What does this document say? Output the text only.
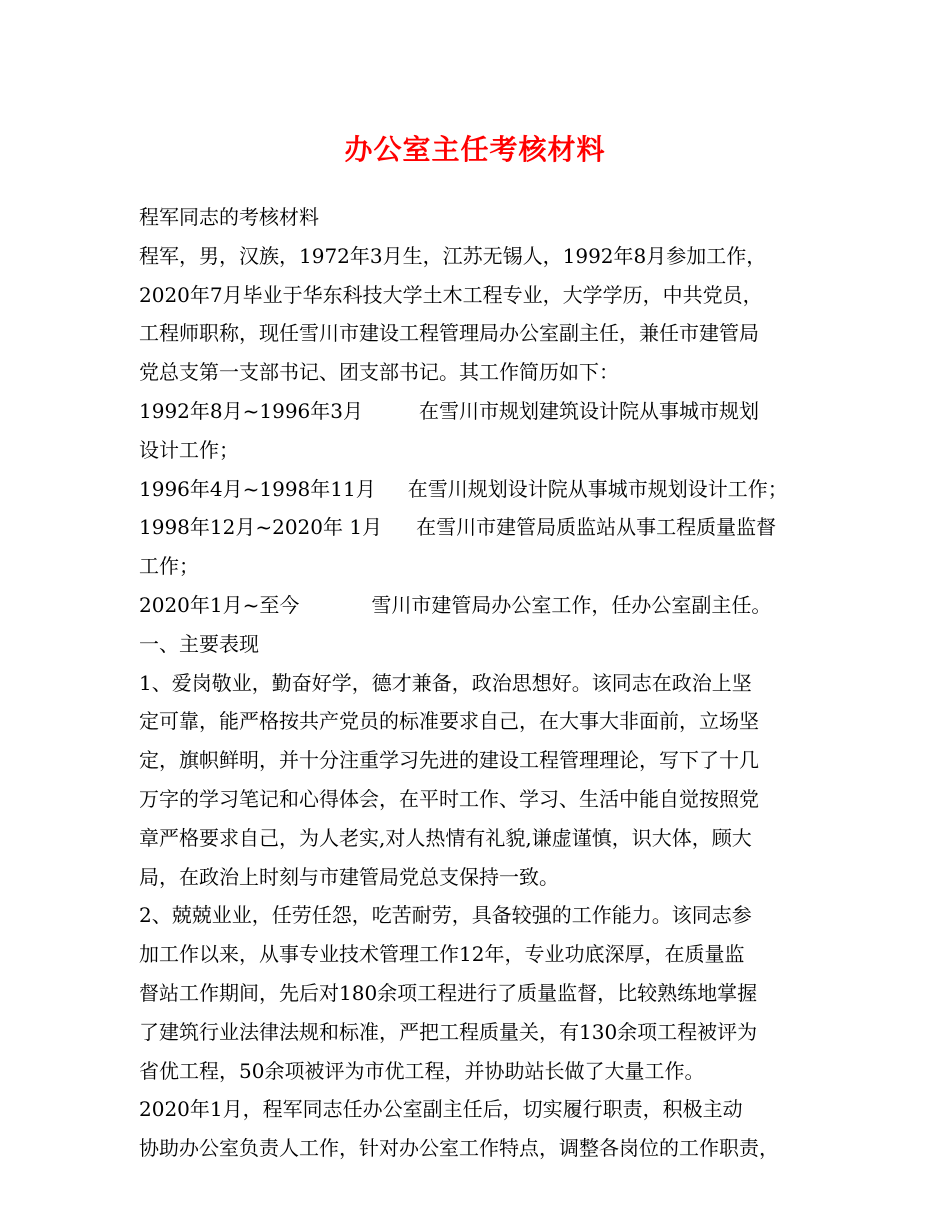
办公室主任考核材料
程军同志的考核材料
程军，男，汉族，1972年3月生，江苏无锡人，1992年8月参加工作，
2020年7月毕业于华东科技大学土木工程专业，大学学历，中共党员，
工程师职称，现任雪川市建设工程管理局办公室副主任，兼任市建管局
党总支第一支部书记、团支部书记。其工作简历如下：
1992年8月~1996年3月	在雪川市规划建筑设计院从事城市规划
设计工作；
1996年4月~1998年11月 在雪川规划设计院从事城市规划设计工作；
1998年12月~2020年 1月 在雪川市建管局质监站从事工程质量监督
工作；
2020年1月~至今	雪川市建管局办公室工作，任办公室副主任。
一、主要表现
1、爱岗敬业，勤奋好学，德才兼备，政治思想好。该同志在政治上坚
定可靠，能严格按共产党员的标准要求自己，在大事大非面前，立场坚
定，旗帜鲜明，并十分注重学习先进的建设工程管理理论，写下了十几
万字的学习笔记和心得体会，在平时工作、学习、生活中能自觉按照党
章严格要求自己，为人老实,对人热情有礼貌,谦虚谨慎，识大体，顾大
局，在政治上时刻与市建管局党总支保持一致。
2、兢兢业业，任劳任怨，吃苦耐劳，具备较强的工作能力。该同志参
加工作以来，从事专业技术管理工作12年，专业功底深厚，在质量监
督站工作期间，先后对180余项工程进行了质量监督，比较熟练地掌握
了建筑行业法律法规和标准，严把工程质量关，有130余项工程被评为
省优工程，50余项被评为市优工程，并协助站长做了大量工作。
2020年1月，程军同志任办公室副主任后，切实履行职责，积极主动
协助办公室负责人工作，针对办公室工作特点，调整各岗位的工作职责，
